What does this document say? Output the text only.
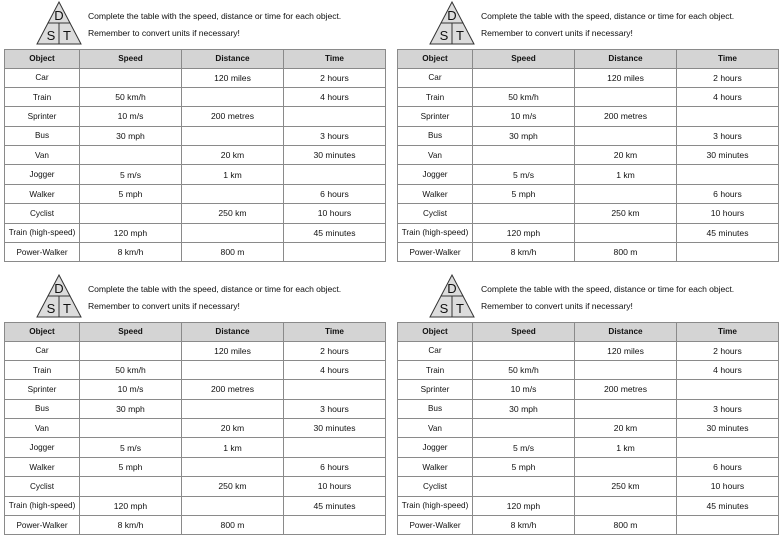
D
S T
Complete the table with the speed, distance or time for each object.
Remember to convert units if necessary!
Object	Speed	Distance	Time
Car		120 miles	2 hours
Train	50 km/h		4 hours
Sprinter	10 m/s	200 metres	
Bus	30 mph		3 hours
Van		20 km	30 minutes
Jogger	5 m/s	1 km	
Walker	5 mph		6 hours
Cyclist		250 km	10 hours
Train (high-speed)	120 mph		45 minutes
Power-Walker	8 km/h	800 m	
D
S T
Complete the table with the speed, distance or time for each object.
Remember to convert units if necessary!
Object	Speed	Distance	Time
Car		120 miles	2 hours
Train	50 km/h		4 hours
Sprinter	10 m/s	200 metres	
Bus	30 mph		3 hours
Van		20 km	30 minutes
Jogger	5 m/s	1 km	
Walker	5 mph		6 hours
Cyclist		250 km	10 hours
Train (high-speed)	120 mph		45 minutes
Power-Walker	8 km/h	800 m	
D
S T
Complete the table with the speed, distance or time for each object.
Remember to convert units if necessary!
Object	Speed	Distance	Time
Car		120 miles	2 hours
Train	50 km/h		4 hours
Sprinter	10 m/s	200 metres	
Bus	30 mph		3 hours
Van		20 km	30 minutes
Jogger	5 m/s	1 km	
Walker	5 mph		6 hours
Cyclist		250 km	10 hours
Train (high-speed)	120 mph		45 minutes
Power-Walker	8 km/h	800 m	
D
S T
Complete the table with the speed, distance or time for each object.
Remember to convert units if necessary!
Object	Speed	Distance	Time
Car		120 miles	2 hours
Train	50 km/h		4 hours
Sprinter	10 m/s	200 metres	
Bus	30 mph		3 hours
Van		20 km	30 minutes
Jogger	5 m/s	1 km	
Walker	5 mph		6 hours
Cyclist		250 km	10 hours
Train (high-speed)	120 mph		45 minutes
Power-Walker	8 km/h	800 m	
